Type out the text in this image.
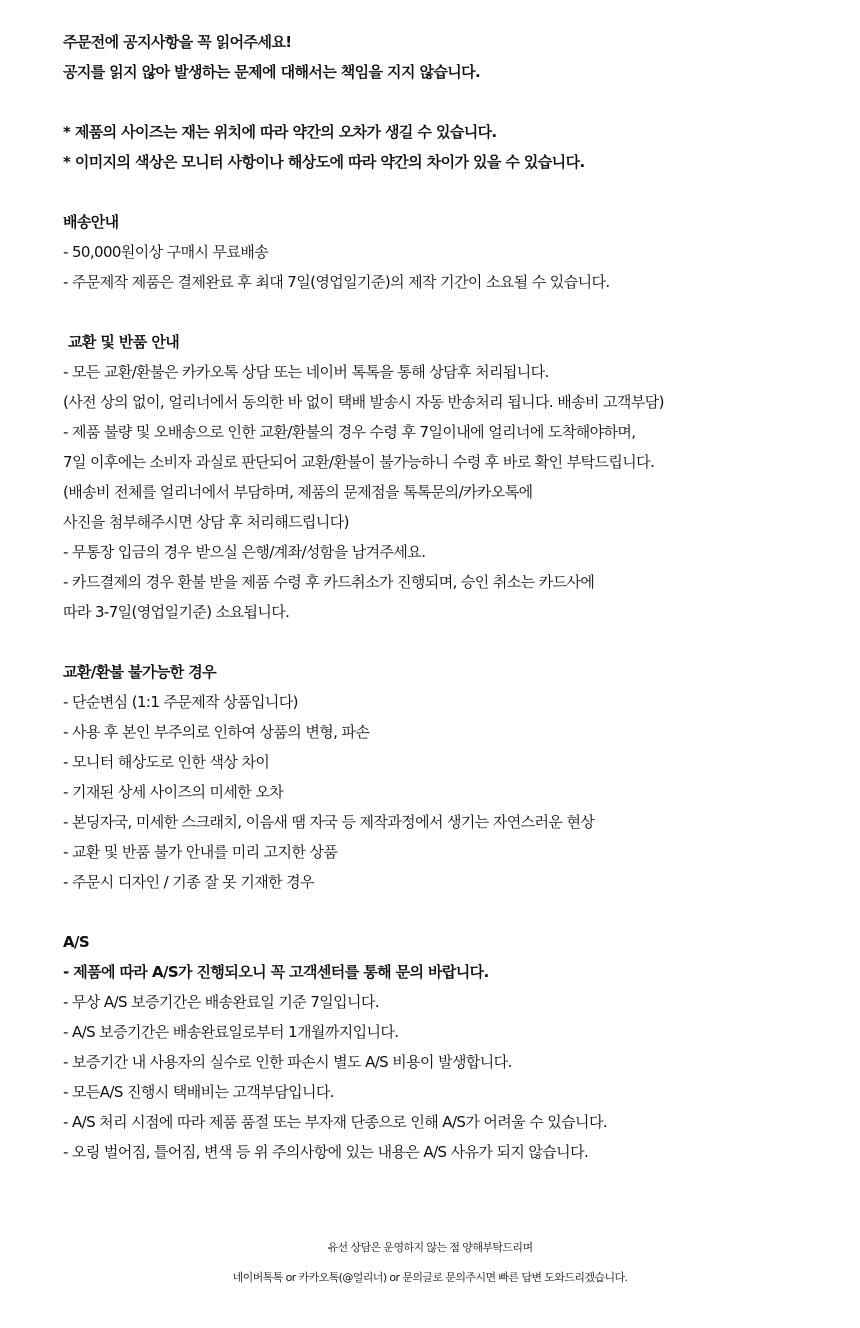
주문전에 공지사항을 꼭 읽어주세요!
공지를 읽지 않아 발생하는 문제에 대해서는 책임을 지지 않습니다.
* 제품의 사이즈는 재는 위치에 따라 약간의 오차가 생길 수 있습니다.
* 이미지의 색상은 모니터 사항이나 해상도에 따라 약간의 차이가 있을 수 있습니다.
배송안내
- 50,000원이상 구매시 무료배송
- 주문제작 제품은 결제완료 후 최대 7일(영업일기준)의 제작 기간이 소요될 수 있습니다.
교환 및 반품 안내
- 모든 교환/환불은 카카오톡 상담 또는 네이버 톡톡을 통해 상담후 처리됩니다.
(사전 상의 없이, 얼리너에서 동의한 바 없이 택배 발송시 자동 반송처리 됩니다. 배송비 고객부담)
- 제품 불량 및 오배송으로 인한 교환/환불의 경우 수령 후 7일이내에 얼리너에 도착해야하며,
7일 이후에는 소비자 과실로 판단되어 교환/환불이 불가능하니 수령 후 바로 확인 부탁드립니다.
(배송비 전체를 얼리너에서 부담하며, 제품의 문제점을 톡톡문의/카카오톡에
사진을 첨부해주시면 상담 후 처리해드립니다)
- 무통장 입금의 경우 받으실 은행/계좌/성함을 남겨주세요.
- 카드결제의 경우 환불 받을 제품 수령 후 카드취소가 진행되며, 승인 취소는 카드사에
따라 3-7일(영업일기준) 소요됩니다.
교환/환불 불가능한 경우
- 단순변심 (1:1 주문제작 상품입니다)
- 사용 후 본인 부주의로 인하여 상품의 변형, 파손
- 모니터 해상도로 인한 색상 차이
- 기재된 상세 사이즈의 미세한 오차
- 본딩자국, 미세한 스크래치, 이음새 땜 자국 등 제작과정에서 생기는 자연스러운 현상
- 교환 및 반품 불가 안내를 미리 고지한 상품
- 주문시 디자인 / 기종 잘 못 기재한 경우
A/S
- 제품에 따라 A/S가 진행되오니 꼭 고객센터를 통해 문의 바랍니다.
- 무상 A/S 보증기간은 배송완료일 기준 7일입니다.
- A/S 보증기간은 배송완료일로부터 1개월까지입니다.
- 보증기간 내 사용자의 실수로 인한 파손시 별도 A/S 비용이 발생합니다.
- 모든A/S 진행시 택배비는 고객부담입니다.
- A/S 처리 시점에 따라 제품 품절 또는 부자재 단종으로 인해 A/S가 어려울 수 있습니다.
- 오링 벌어짐, 틀어짐, 변색 등 위 주의사항에 있는 내용은 A/S 사유가 되지 않습니다.
유선 상담은 운영하지 않는 점 양해부탁드리며
네이버톡톡 or 카카오톡(@얼리너) or 문의글로 문의주시면 빠른 답변 도와드리겠습니다.
